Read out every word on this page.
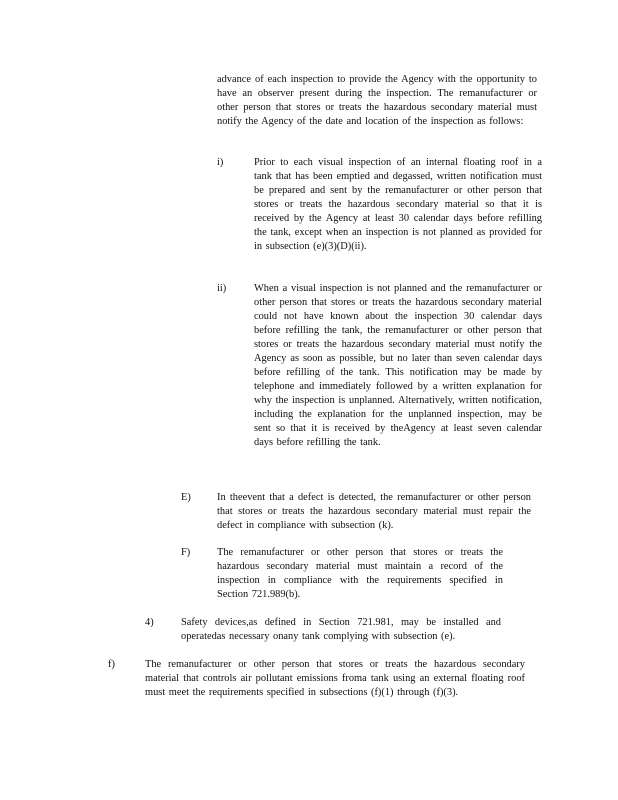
advance of each inspection to provide the Agency with the opportunity to have an observer present during the inspection. The remanufacturer or other person that stores or treats the hazardous secondary material must notify the Agency of the date and location of the inspection as follows:

i)	Prior to each visual inspection of an internal floating roof in a tank that has been emptied and degassed, written notification must be prepared and sent by the remanufacturer or other person that stores or treats the hazardous secondary material so that it is received by the Agency at least 30 calendar days before refilling the tank, except when an inspection is not planned as provided for in subsection (e)(3)(D)(ii).

ii)	When a visual inspection is not planned and the remanufacturer or other person that stores or treats the hazardous secondary material could not have known about the inspection 30 calendar days before refilling the tank, the remanufacturer or other person that stores or treats the hazardous secondary material must notify the Agency as soon as possible, but no later than seven calendar days before refilling of the tank. This notification may be made by telephone and immediately followed by a written explanation for why the inspection is unplanned. Alternatively, written notification, including the explanation for the unplanned inspection, may be sent so that it is received by theAgency at least seven calendar days before refilling the tank.

E)	In theevent that a defect is detected, the remanufacturer or other person that stores or treats the hazardous secondary material must repair the defect in compliance with subsection (k).

F)	The remanufacturer or other person that stores or treats the hazardous secondary material must maintain a record of the inspection in compliance with the requirements specified in Section 721.989(b).

4)	Safety devices,as defined in Section 721.981, may be installed and operatedas necessary onany tank complying with subsection (e).

f)	The remanufacturer or other person that stores or treats the hazardous secondary material that controls air pollutant emissions froma tank using an external floating roof must meet the requirements specified in subsections (f)(1) through (f)(3).
